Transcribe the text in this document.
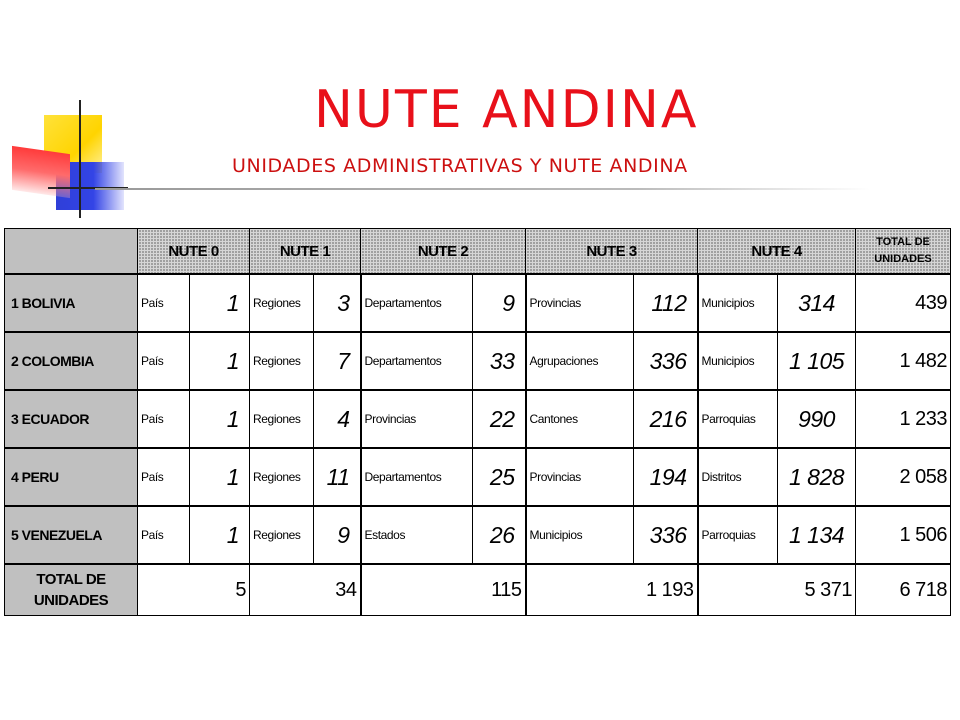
NUTE ANDINA
UNIDADES ADMINISTRATIVAS Y NUTE ANDINA
	NUTE 0		NUTE 1		NUTE 2		NUTE 3		NUTE 4		TOTAL DE
UNIDADES

1 BOLIVIA	País	1	Regiones	3	Departamentos	9	Provincias	112	Municipios	314	439
2 COLOMBIA	País	1	Regiones	7	Departamentos	33	Agrupaciones	336	Municipios	1 105	1 482
3 ECUADOR	País	1	Regiones	4	Provincias	22	Cantones	216	Parroquias	990	1 233
4 PERU	País	1	Regiones	11	Departamentos	25	Provincias	194	Distritos	1 828	2 058
5 VENEZUELA	País	1	Regiones	9	Estados	26	Municipios	336	Parroquias	1 134	1 506

TOTAL DE
UNIDADES	5		34		115		1 193		5 371		6 718
